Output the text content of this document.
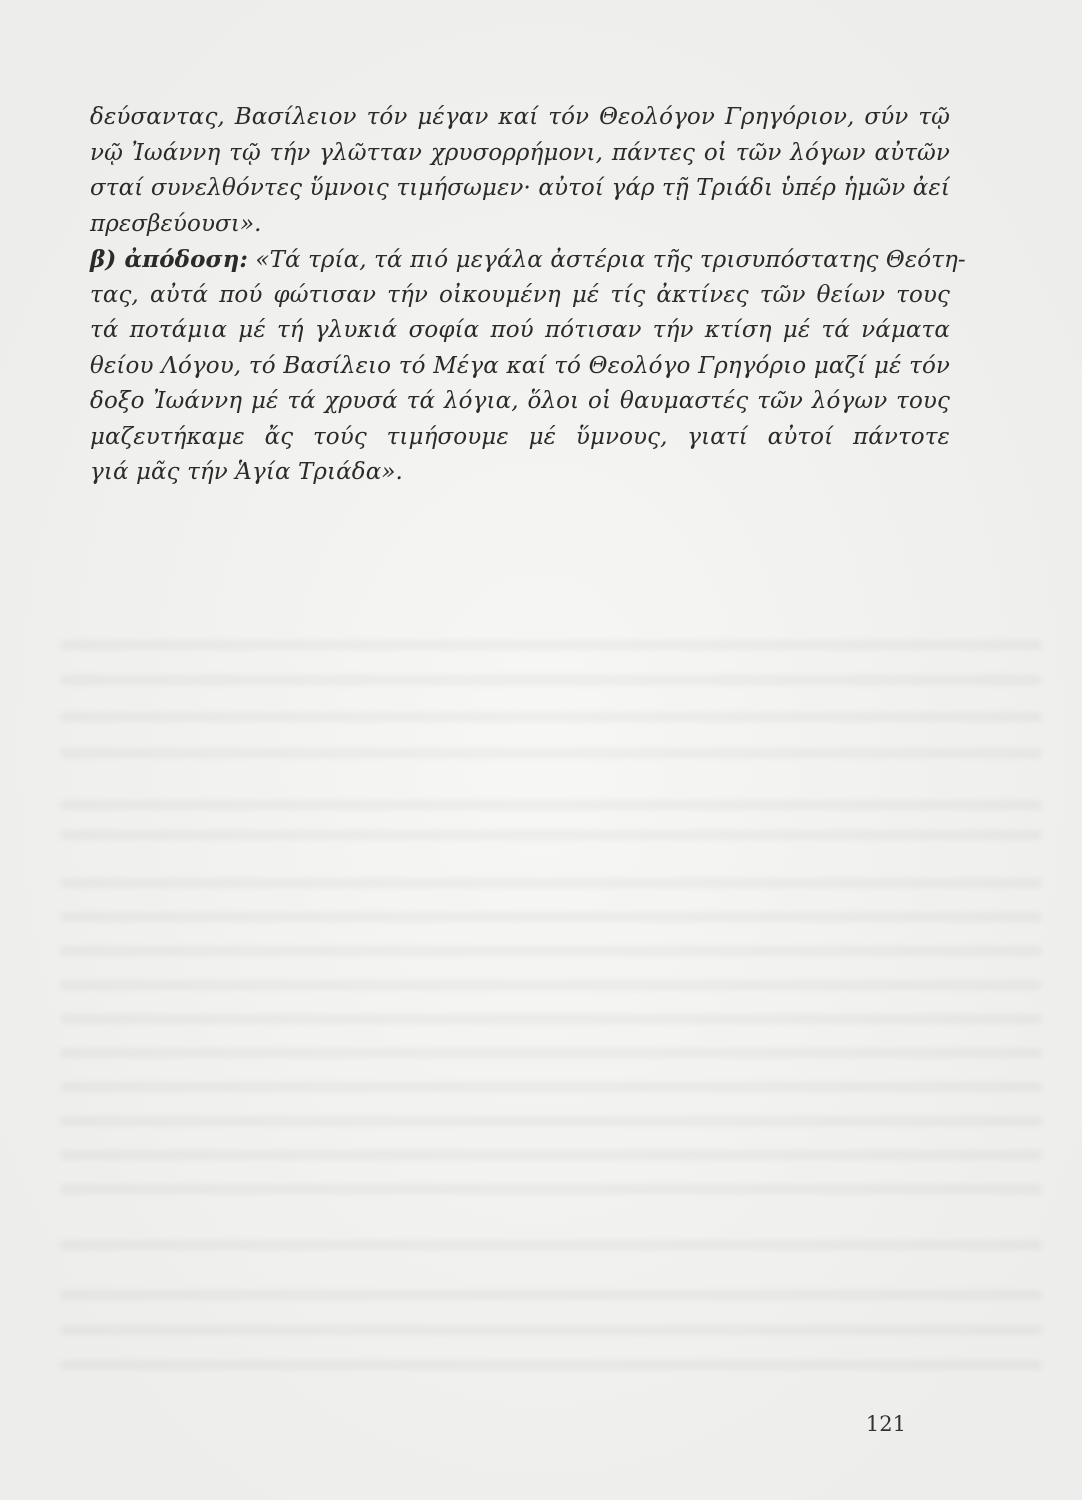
δεύσαντας, Βασίλειον τόν μέγαν καί τόν Θεολόγον Γρηγόριον, σύν τῷ
νῷ Ἰωάννη τῷ τήν γλῶτταν χρυσορρήμονι, πάντες οἱ τῶν λόγων αὐτῶν
σταί συνελθόντες ὕμνοις τιμήσωμεν· αὐτοί γάρ τῇ Τριάδι ὑπέρ ἡμῶν ἀεί
πρεσβεύουσι».
β) ἀπόδοση: «Τά τρία, τά πιό μεγάλα ἀστέρια τῆς τρισυπόστατης Θεότη-
τας, αὐτά πού φώτισαν τήν οἰκουμένη μέ τίς ἀκτίνες τῶν θείων τους
τά ποτάμια μέ τή γλυκιά σοφία πού πότισαν τήν κτίση μέ τά νάματα
θείου Λόγου, τό Βασίλειο τό Μέγα καί τό Θεολόγο Γρηγόριο μαζί μέ τόν
δοξο Ἰωάννη μέ τά χρυσά τά λόγια, ὅλοι οἱ θαυμαστές τῶν λόγων τους
μαζευτήκαμε ἄς τούς τιμήσουμε μέ ὕμνους, γιατί αὐτοί πάντοτε
γιά μᾶς τήν Ἁγία Τριάδα».
121
